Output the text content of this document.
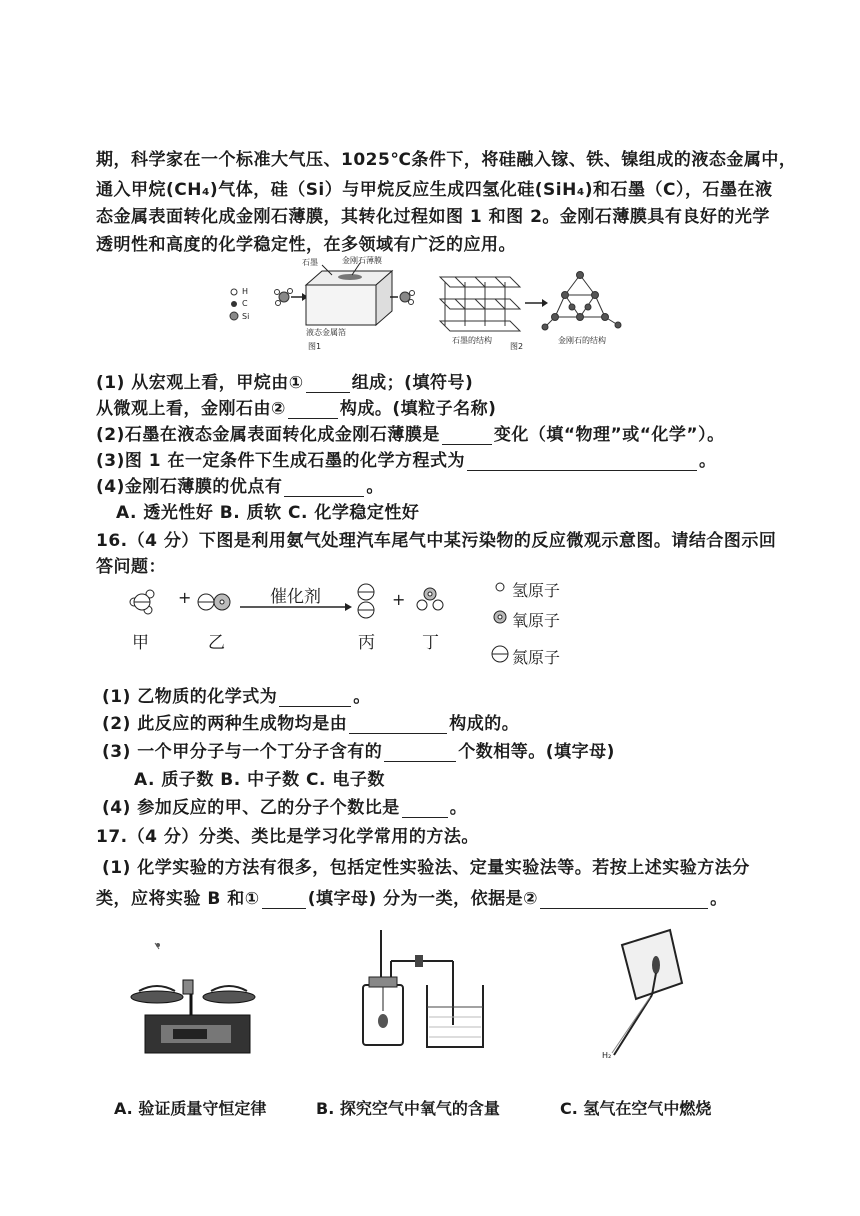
期，科学家在一个标准大气压、1025℃条件下，将硅融入镓、铁、镍组成的液态金属中，
通入甲烷(CH₄)气体，硅（Si）与甲烷反应生成四氢化硅(SiH₄)和石墨（C），石墨在液
态金属表面转化成金刚石薄膜，其转化过程如图 1 和图 2。金刚石薄膜具有良好的光学
透明性和高度的化学稳定性，在多领域有广泛的应用。
H
C
Si
石墨	金刚石薄膜
液态金属箔
图1
石墨的结构
图2
金刚石的结构
(1) 从宏观上看，甲烷由①	组成；(填符号)
从微观上看，金刚石由②	构成。(填粒子名称)
(2)石墨在液态金属表面转化成金刚石薄膜是	变化（填“物理”或“化学”）。
(3)图 1 在一定条件下生成石墨的化学方程式为	。
(4)金刚石薄膜的优点有	。
A. 透光性好 B. 质软 C. 化学稳定性好
16.（4 分）下图是利用氨气处理汽车尾气中某污染物的反应微观示意图。请结合图示回
答问题：
+	+
催化剂
甲	乙	丙	丁
氢原子
氧原子
氮原子
(1) 乙物质的化学式为	。
(2) 此反应的两种生成物均是由	构成的。
(3) 一个甲分子与一个丁分子含有的	个数相等。(填字母)
A. 质子数 B. 中子数 C. 电子数
(4) 参加反应的甲、乙的分子个数比是	。
17.（4 分）分类、类比是学习化学常用的方法。
(1) 化学实验的方法有很多，包括定性实验法、定量实验法等。若按上述实验方法分
类，应将实验 B 和①	(填字母) 分为一类，依据是②	。
H₂
A. 验证质量守恒定律	B. 探究空气中氧气的含量	C. 氢气在空气中燃烧
